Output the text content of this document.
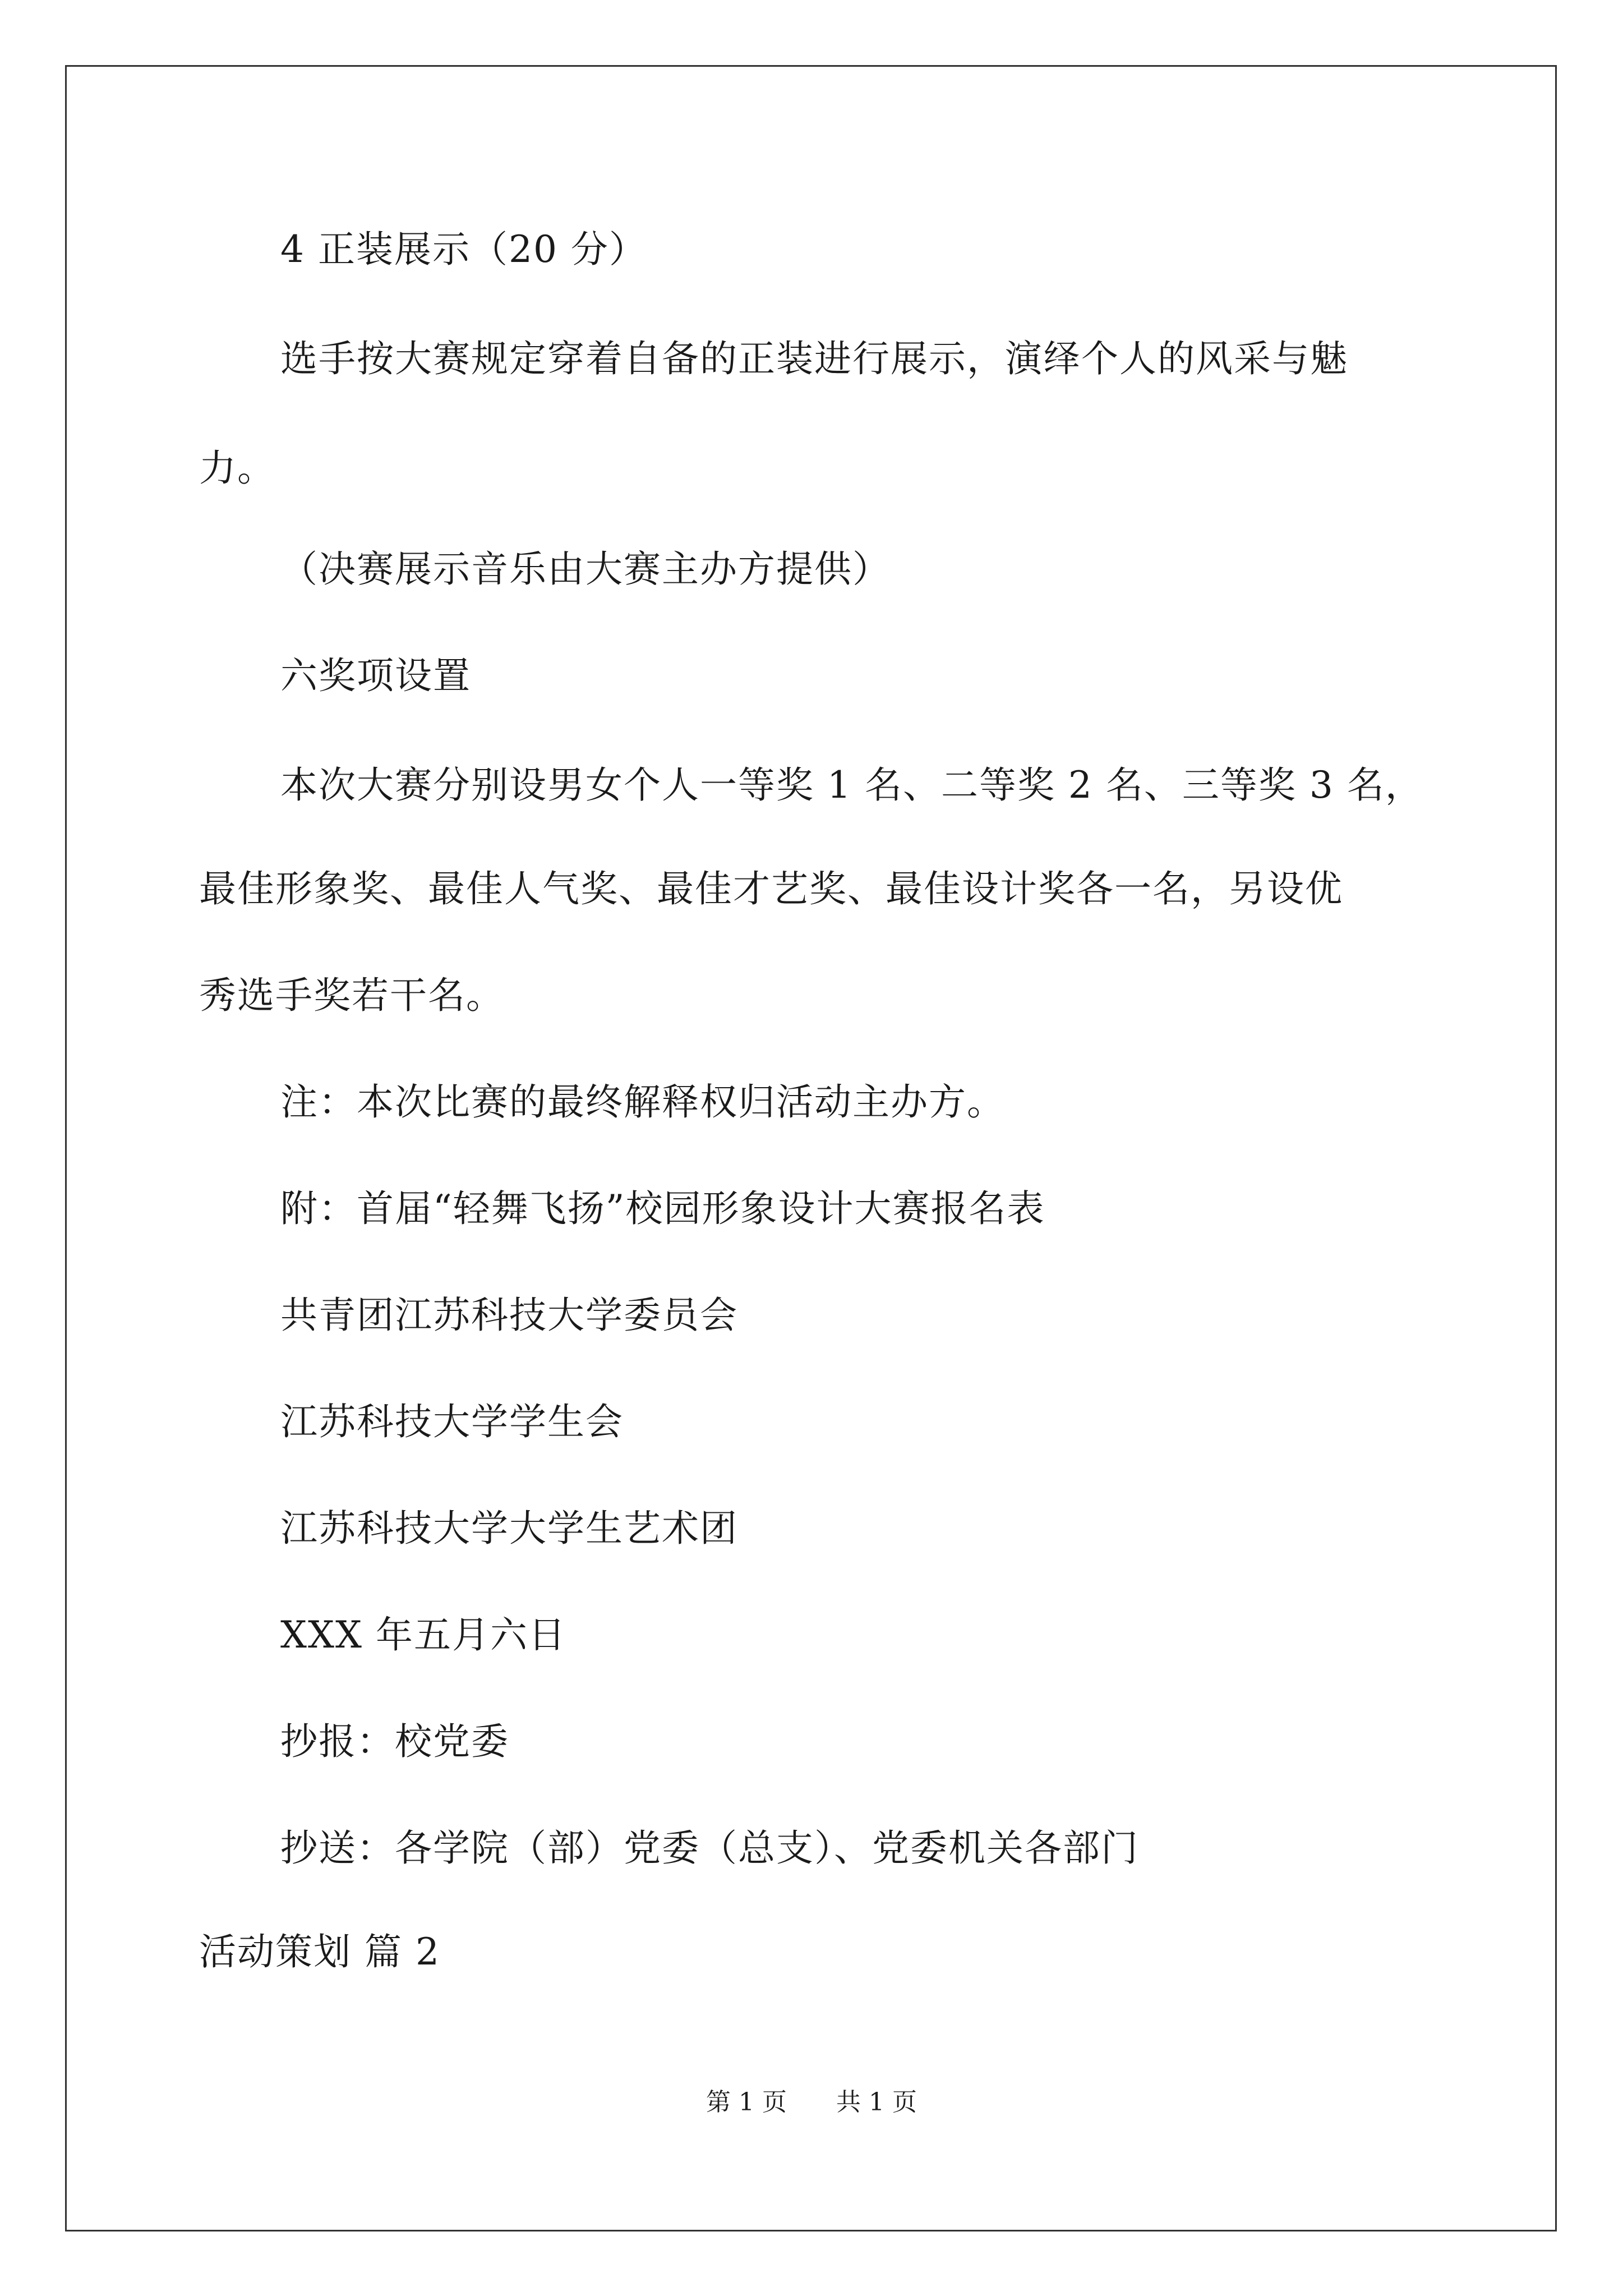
4 正装展示（20 分）
选手按大赛规定穿着自备的正装进行展示，演绎个人的风采与魅
力。
（决赛展示音乐由大赛主办方提供）
六奖项设置
本次大赛分别设男女个人一等奖 1 名、二等奖 2 名、三等奖 3 名，
最佳形象奖、最佳人气奖、最佳才艺奖、最佳设计奖各一名，另设优
秀选手奖若干名。
注：本次比赛的最终解释权归活动主办方。
附：首届“轻舞飞扬”校园形象设计大赛报名表
共青团江苏科技大学委员会
江苏科技大学学生会
江苏科技大学大学生艺术团
XXX 年五月六日
抄报：校党委
抄送：各学院（部）党委（总支）、党委机关各部门
活动策划 篇 2
第 1 页 共 1 页
